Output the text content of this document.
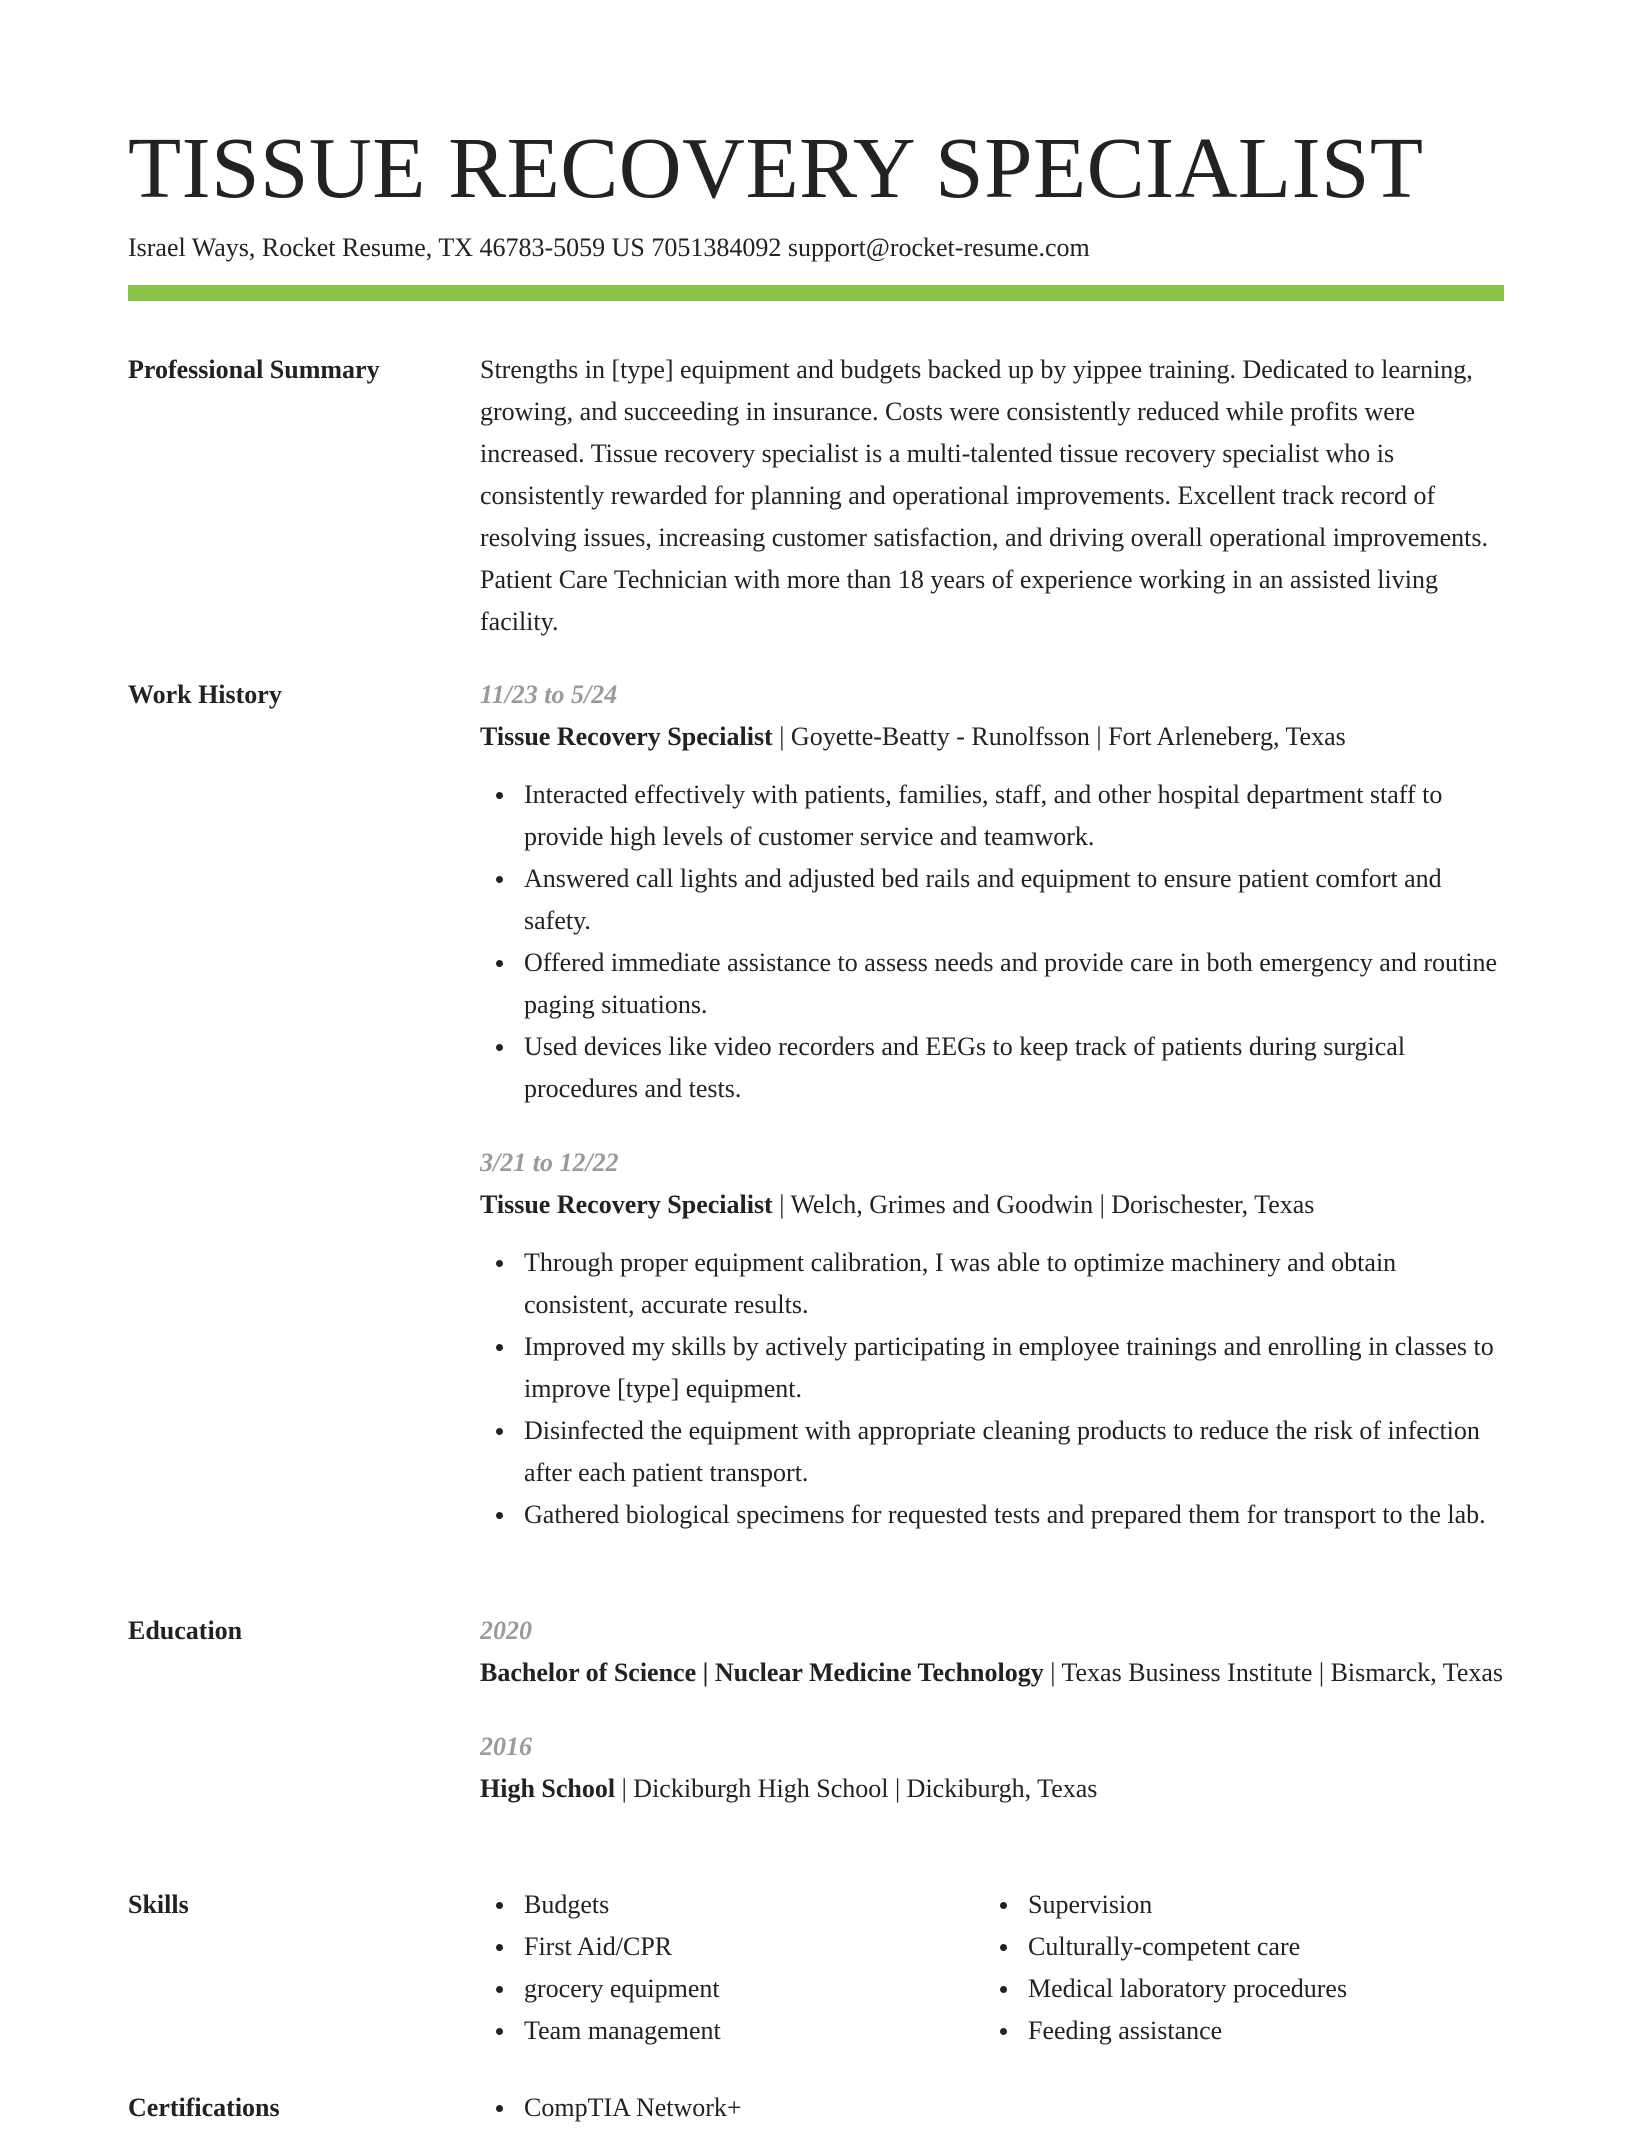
TISSUE RECOVERY SPECIALIST
Israel Ways, Rocket Resume, TX 46783-5059 US 7051384092 support@rocket-resume.com
Professional Summary	Strengths in [type] equipment and budgets backed up by yippee training. Dedicated to learning, growing, and succeeding in insurance. Costs were consistently reduced while profits were increased. Tissue recovery specialist is a multi-talented tissue recovery specialist who is consistently rewarded for planning and operational improvements. Excellent track record of resolving issues, increasing customer satisfaction, and driving overall operational improvements. Patient Care Technician with more than 18 years of experience working in an assisted living facility.

Work History	11/23 to 5/24
Tissue Recovery Specialist | Goyette-Beatty - Runolfsson | Fort Arleneberg, Texas
Interacted effectively with patients, families, staff, and other hospital department staff to provide high levels of customer service and teamwork.
Answered call lights and adjusted bed rails and equipment to ensure patient comfort and safety.
Offered immediate assistance to assess needs and provide care in both emergency and routine paging situations.
Used devices like video recorders and EEGs to keep track of patients during surgical procedures and tests.
3/21 to 12/22
Tissue Recovery Specialist | Welch, Grimes and Goodwin | Dorischester, Texas
Through proper equipment calibration, I was able to optimize machinery and obtain consistent, accurate results.
Improved my skills by actively participating in employee trainings and enrolling in classes to improve [type] equipment.
Disinfected the equipment with appropriate cleaning products to reduce the risk of infection after each patient transport.
Gathered biological specimens for requested tests and prepared them for transport to the lab.
Education	2020
Bachelor of Science | Nuclear Medicine Technology | Texas Business Institute | Bismarck, Texas
2016
High School | Dickiburgh High School | Dickiburgh, Texas
Skills	Budgets
First Aid/CPR
grocery equipment
Team management
Supervision
Culturally-competent care
Medical laboratory procedures
Feeding assistance
Certifications	CompTIA Network+
